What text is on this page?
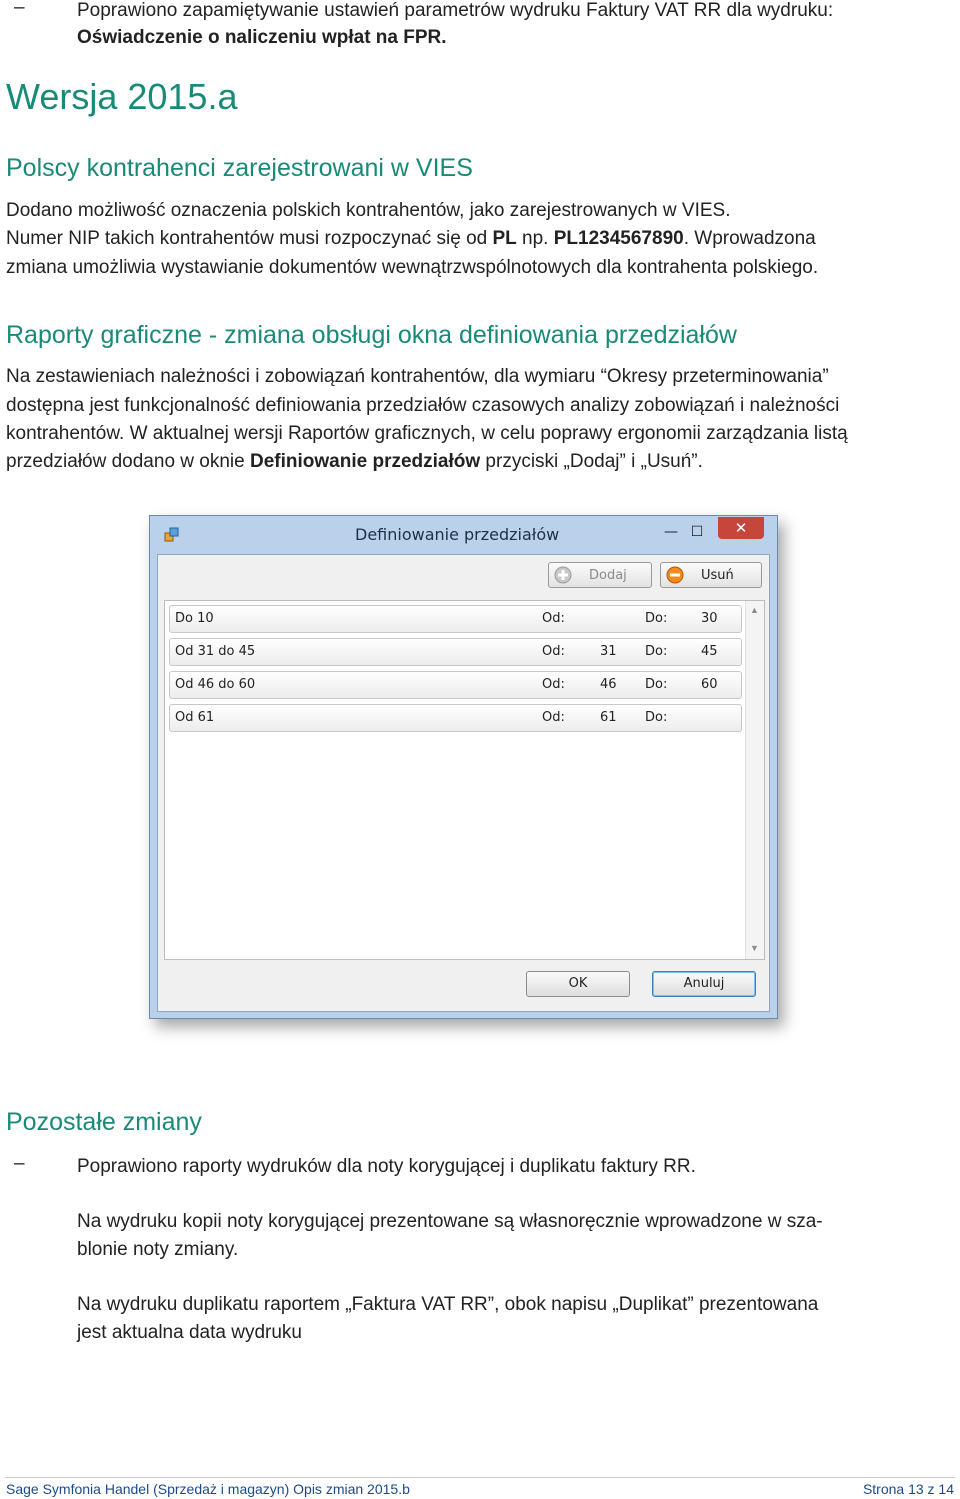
–	Poprawiono zapamiętywanie ustawień parametrów wydruku Faktury VAT RR dla wydruku:
Oświadczenie o naliczeniu wpłat na FPR.
Wersja 2015.a
Polscy kontrahenci zarejestrowani w VIES
Dodano możliwość oznaczenia polskich kontrahentów, jako zarejestrowanych w VIES.
Numer NIP takich kontrahentów musi rozpoczynać się od PL np. PL1234567890. Wprowadzona
zmiana umożliwia wystawianie dokumentów wewnątrzwspólnotowych dla kontrahenta polskiego.
Raporty graficzne - zmiana obsługi okna definiowania przedziałów
Na zestawieniach należności i zobowiązań kontrahentów, dla wymiaru “Okresy przeterminowania”
dostępna jest funkcjonalność definiowania przedziałów czasowych analizy zobowiązań i należności
kontrahentów. W aktualnej wersji Raportów graficznych, w celu poprawy ergonomii zarządzania listą
przedziałów dodano w oknie Definiowanie przedziałów przyciski „Dodaj” i „Usuń”.
Definiowanie przedziałów	— ☐	✕
Dodaj	Usuń
Do 10	Od:	Do:	30
Od 31 do 45	Od:	31 Do:	45
Od 46 do 60	Od:	46 Do:	60
Od 61	Od:	61 Do:
▲
▼
OK	Anuluj
Pozostałe zmiany
–	Poprawiono raporty wydruków dla noty korygującej i duplikatu faktury RR.
Na wydruku kopii noty korygującej prezentowane są własnoręcznie wprowadzone w sza-
blonie noty zmiany.
Na wydruku duplikatu raportem „Faktura VAT RR”, obok napisu „Duplikat” prezentowana
jest aktualna data wydruku
Sage Symfonia Handel (Sprzedaż i magazyn) Opis zmian 2015.b	Strona 13 z 14
